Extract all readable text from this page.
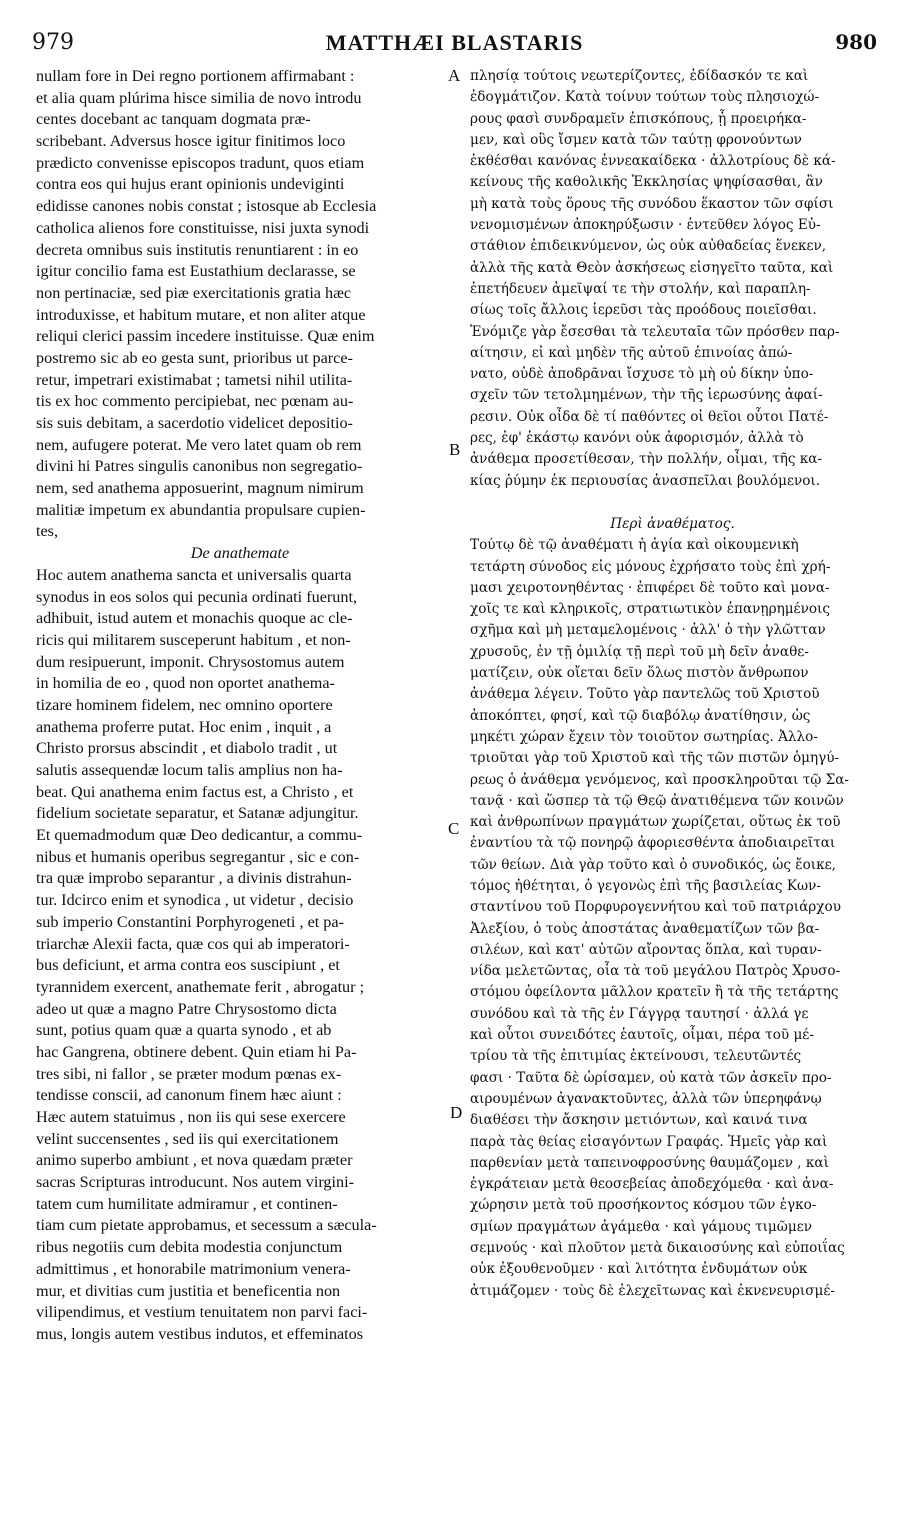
979	MATTHÆI BLASTARIS	980
nullam fore in Dei regno portionem affirmabant :
et alia quam plúrima hisce similia de novo introdu
centes docebant ac tanquam dogmata præ-
scribebant. Adversus hosce igitur finitimos loco
prædicto convenisse episcopos tradunt, quos etiam
contra eos qui hujus erant opinionis undeviginti
edidisse canones nobis constat ; istosque ab Ecclesia
catholica alienos fore constituisse, nisi juxta synodi
decreta omnibus suis institutis renuntiarent : in eo
igitur concilio fama est Eustathium declarasse, se
non pertinaciæ, sed piæ exercitationis gratia hæc
introduxisse, et habitum mutare, et non aliter atque
reliqui clerici passim incedere instituisse. Quæ enim
postremo sic ab eo gesta sunt, prioribus ut parce-
retur, impetrari existimabat ; tametsi nihil utilita-
tis ex hoc commento percipiebat, nec pœnam au-
sis suis debitam, a sacerdotio videlicet depositio-
nem, aufugere poterat. Me vero latet quam ob rem
divini hi Patres singulis canonibus non segregatio-
nem, sed anathema apposuerint, magnum nimirum
malitiæ impetum ex abundantia propulsare cupien-
tes,
De anathemate
Hoc autem anathema sancta et universalis quarta
synodus in eos solos qui pecunia ordinati fuerunt,
adhibuit, istud autem et monachis quoque ac cle-
ricis qui militarem susceperunt habitum , et non-
dum resipuerunt, imponit. Chrysostomus autem
in homilia de eo , quod non oportet anathema-
tizare hominem fidelem, nec omnino oportere
anathema proferre putat. Hoc enim , inquit , a
Christo prorsus abscindit , et diabolo tradit , ut
salutis assequendæ locum talis amplius non ha-
beat. Qui anathema enim factus est, a Christo , et
fidelium societate separatur, et Satanæ adjungitur.
Et quemadmodum quæ Deo dedicantur, a commu-
nibus et humanis operibus segregantur , sic e con-
tra quæ improbo separantur , a divinis distrahun-
tur. Idcirco enim et synodica , ut videtur , decisio
sub imperio Constantini Porphyrogeneti , et pa-
triarchæ Alexii facta, quæ cos qui ab imperatori-
bus deficiunt, et arma contra eos suscipiunt , et
tyrannidem exercent, anathemate ferit , abrogatur ;
adeo ut quæ a magno Patre Chrysostomo dicta
sunt, potius quam quæ a quarta synodo , et ab
hac Gangrena, obtinere debent. Quin etiam hi Pa-
tres sibi, ni fallor , se præter modum pœnas ex-
tendisse conscii, ad canonum finem hæc aiunt :
Hæc autem statuimus , non iis qui sese exercere
velint succensentes , sed iis qui exercitationem
animo superbo ambiunt , et nova quædam præter
sacras Scripturas introducunt. Nos autem virgini-
tatem cum humilitate admiramur , et continen-
tiam cum pietate approbamus, et secessum a sæcula-
ribus negotiis cum debita modestia conjunctum
admittimus , et honorabile matrimonium venera-
mur, et divitias cum justitia et beneficentia non
vilipendimus, et vestium tenuitatem non parvi faci-
mus, longis autem vestibus indutos, et effeminatos
πλησίᾳ τούτοις νεωτερίζοντες, ἐδίδασκόν τε καὶ
ἐδογμάτιζον. Κατὰ τοίνυν τούτων τοὺς πλησιοχώ-
ρους φασὶ συνδραμεῖν ἐπισκόπους, ᾗ προειρήκα-
μεν, καὶ οὓς ἴσμεν κατὰ τῶν ταύτῃ φρονούντων
ἐκθέσθαι κανόνας ἐννεακαίδεκα · ἀλλοτρίους δὲ κά-
κείνους τῆς καθολικῆς Ἐκκλησίας ψηφίσασθαι, ἂν
μὴ κατὰ τοὺς ὅρους τῆς συνόδου ἕκαστον τῶν σφίσι
νενομισμένων ἀποκηρύξωσιν · ἐντεῦθεν λόγος Εὐ-
στάθιον ἐπιδεικνύμενον, ὡς οὐκ αὐθαδείας ἕνεκεν,
ἀλλὰ τῆς κατὰ Θεὸν ἀσκήσεως εἰσηγεῖτο ταῦτα, καὶ
ἐπετήδευεν ἀμεῖψαί τε τὴν στολήν, καὶ παραπλη-
σίως τοῖς ἄλλοις ἱερεῦσι τὰς προόδους ποιεῖσθαι.
Ἐνόμιζε γὰρ ἔσεσθαι τὰ τελευταῖα τῶν πρόσθεν παρ-
αίτησιν, εἰ καὶ μηδὲν τῆς αὐτοῦ ἐπινοίας ἀπώ-
νατο, οὐδὲ ἀποδρᾶναι ἴσχυσε τὸ μὴ οὐ δίκην ὑπο-
σχεῖν τῶν τετολμημένων, τὴν τῆς ἱερωσύνης ἀφαί-
ρεσιν. Οὐκ οἶδα δὲ τί παθόντες οἱ θεῖοι οὗτοι Πατέ-
ρες, ἐφ' ἑκάστῳ κανόνι οὐκ ἀφορισμόν, ἀλλὰ τὸ
ἀνάθεμα προσετίθεσαν, τὴν πολλήν, οἶμαι, τῆς κα-
κίας ῥύμην ἐκ περιουσίας ἀνασπεῖλαι βουλόμενοι.
Περὶ ἀναθέματος.
Τούτῳ δὲ τῷ ἀναθέματι ἡ ἁγία καὶ οἰκουμενικὴ
τετάρτη σύνοδος εἰς μόνους ἐχρήσατο τοὺς ἐπὶ χρή-
μασι χειροτονηθέντας · ἐπιφέρει δὲ τοῦτο καὶ μονα-
χοῖς τε καὶ κληρικοῖς, στρατιωτικὸν ἐπανῃρημένοις
σχῆμα καὶ μὴ μεταμελομένοις · ἀλλ' ὁ τὴν γλῶτταν
χρυσοῦς, ἐν τῇ ὁμιλίᾳ τῇ περὶ τοῦ μὴ δεῖν ἀναθε-
ματίζειν, οὐκ οἴεται δεῖν ὅλως πιστὸν ἄνθρωπον
ἀνάθεμα λέγειν. Τοῦτο γὰρ παντελῶς τοῦ Χριστοῦ
ἀποκόπτει, φησί, καὶ τῷ διαβόλῳ ἀνατίθησιν, ὡς
μηκέτι χώραν ἔχειν τὸν τοιοῦτον σωτηρίας. Ἀλλο-
τριοῦται γὰρ τοῦ Χριστοῦ καὶ τῆς τῶν πιστῶν ὁμηγύ-
ρεως ὁ ἀνάθεμα γενόμενος, καὶ προσκληροῦται τῷ Σα-
τανᾷ · καὶ ὥσπερ τὰ τῷ Θεῷ ἀνατιθέμενα τῶν κοινῶν
καὶ ἀνθρωπίνων πραγμάτων χωρίζεται, οὕτως ἐκ τοῦ
ἐναντίου τὰ τῷ πονηρῷ ἀφοριεσθέντα ἀποδιαιρεῖται
τῶν θείων. Διὰ γὰρ τοῦτο καὶ ὁ συνοδικός, ὡς ἔοικε,
τόμος ἠθέτηται, ὁ γεγονὼς ἐπὶ τῆς βασιλείας Κων-
σταντίνου τοῦ Πορφυρογεννήτου καὶ τοῦ πατριάρχου
Ἀλεξίου, ὁ τοὺς ἀποστάτας ἀναθεματίζων τῶν βα-
σιλέων, καὶ κατ' αὐτῶν αἴροντας ὅπλα, καὶ τυραν-
νίδα μελετῶντας, οἷα τὰ τοῦ μεγάλου Πατρὸς Χρυσο-
στόμου ὀφείλοντα μᾶλλον κρατεῖν ἢ τὰ τῆς τετάρτης
συνόδου καὶ τὰ τῆς ἐν Γάγγρᾳ ταυτησί · ἀλλά γε
καὶ οὗτοι συνειδότες ἑαυτοῖς, οἶμαι, πέρα τοῦ μέ-
τρίου τὰ τῆς ἐπιτιμίας ἐκτείνουσι, τελευτῶντές
φασι · Ταῦτα δὲ ὡρίσαμεν, οὐ κατὰ τῶν ἀσκεῖν προ-
αιρουμένων ἀγανακτοῦντες, ἀλλὰ τῶν ὑπερηφάνῳ
διαθέσει τὴν ἄσκησιν μετιόντων, καὶ καινά τινα
παρὰ τὰς θείας εἰσαγόντων Γραφάς. Ἡμεῖς γὰρ καὶ
παρθενίαν μετὰ ταπεινοφροσύνης θαυμάζομεν , καὶ
ἐγκράτειαν μετὰ θεοσεβείας ἀποδεχόμεθα · καὶ ἀνα-
χώρησιν μετὰ τοῦ προσήκοντος κόσμου τῶν ἐγκο-
σμίων πραγμάτων ἀγάμεθα · καὶ γάμους τιμῶμεν
σεμνούς · καὶ πλοῦτον μετὰ δικαιοσύνης καὶ εὐποιΐας
οὐκ ἐξουθενοῦμεν · καὶ λιτότητα ἐνδυμάτων οὐκ
ἀτιμάζομεν · τοὺς δὲ ἐλεχεῖτωνας καὶ ἐκνενευρισμέ-
A
B
C
D
